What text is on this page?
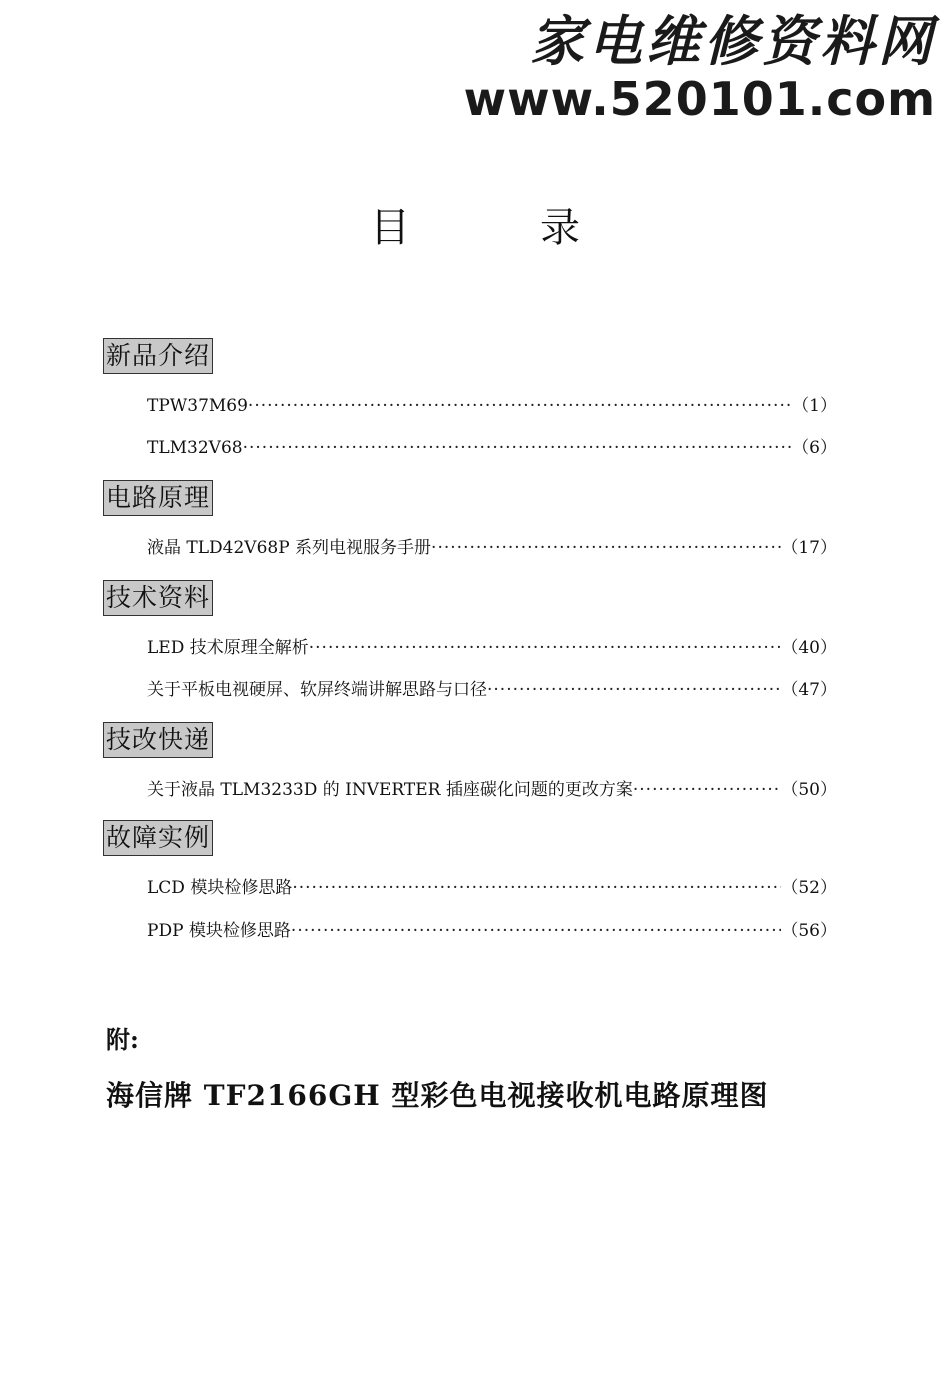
家电维修资料网
www.520101.com
目录
新品介绍
TPW37M69 ·····	（1）
TLM32V68 ·····	（6）
电路原理
液晶 TLD42V68P 系列电视服务手册 ·····	（17）
技术资料
LED 技术原理全解析 ·····	（40）
关于平板电视硬屏、软屏终端讲解思路与口径 ·····	（47）
技改快递
关于液晶 TLM3233D 的 INVERTER 插座碳化问题的更改方案 ·····	（50）
故障实例
LCD 模块检修思路 ·····	（52）
PDP 模块检修思路 ·····	（56）
附:
海信牌 TF2166GH 型彩色电视接收机电路原理图
